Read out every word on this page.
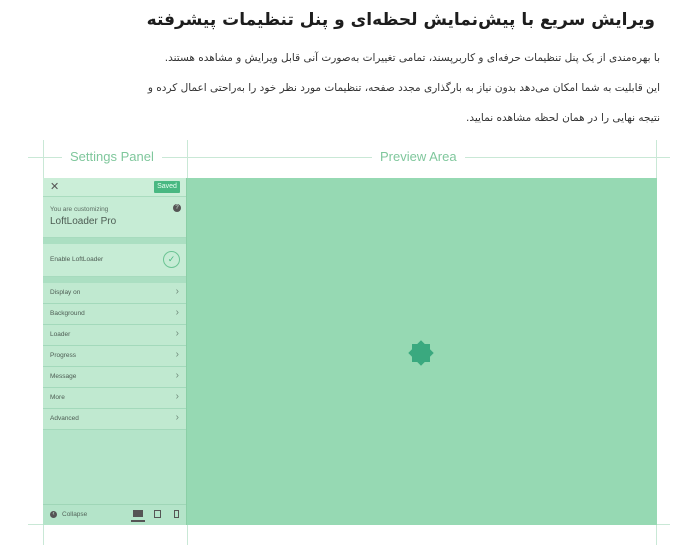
ویرایش سریع با پیش‌نمایش لحظه‌ای و پنل تنظیمات پیشرفته
با بهره‌مندی از یک پنل تنظیمات حرفه‌ای و کاربرپسند، تمامی تغییرات به‌صورت آنی قابل ویرایش و مشاهده هستند.
این قابلیت به شما امکان می‌دهد بدون نیاز به بارگذاری مجدد صفحه، تنظیمات مورد نظر خود را به‌راحتی اعمال کرده و
نتیجه نهایی را در همان لحظه مشاهده نمایید.
Settings Panel	Preview Area
✕	Saved
You are customizing
LoftLoader Pro
?
Enable LoftLoader	✓
Display on	›
Background	›
Loader	›
Progress	›
Message	›
More	›
Advanced	›
‹	Collapse
